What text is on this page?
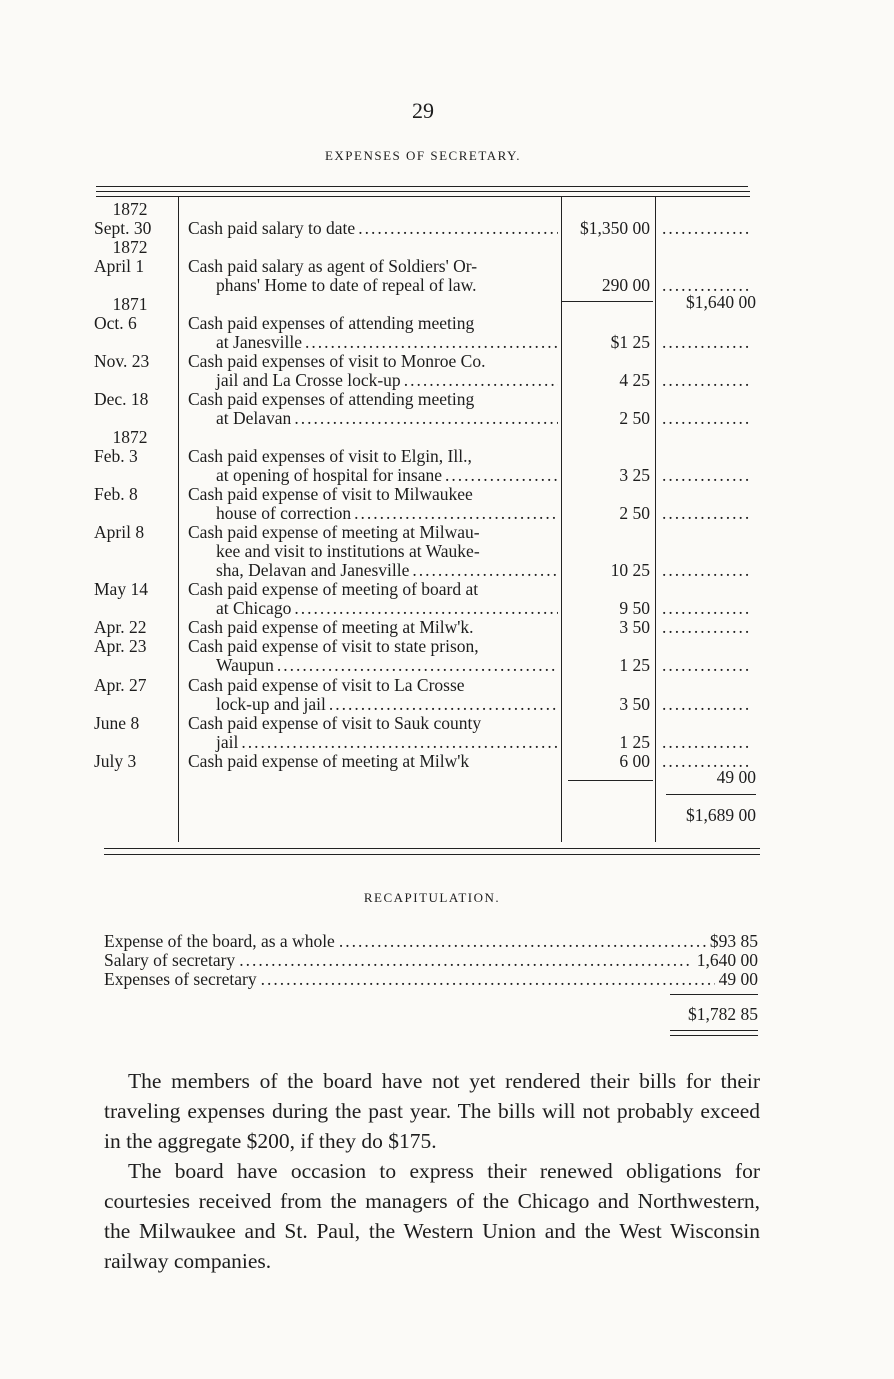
29
EXPENSES OF SECRETARY.
1872
Sept. 30	Cash paid salary to date .....	$1,350 00
.....
1872
April 1	Cash paid salary as agent of Soldiers' Or-
phans' Home to date of repeal of law.	290 00
.....
$1,640 00
1871
Oct. 6	Cash paid expenses of attending meeting
at Janesville .....	$1 25
.....
Nov. 23	Cash paid expenses of visit to Monroe Co.
jail and La Crosse lock-up .....	4 25
.....
Dec. 18	Cash paid expenses of attending meeting
at Delavan .....	2 50
.....
1872
Feb. 3	Cash paid expenses of visit to Elgin, Ill.,
at opening of hospital for insane .....	3 25
.....
Feb. 8	Cash paid expense of visit to Milwaukee
house of correction .....	2 50
.....
April 8	Cash paid expense of meeting at Milwau-
kee and visit to institutions at Wauke-
sha, Delavan and Janesville .....	10 25
.....
May 14	Cash paid expense of meeting of board at
at Chicago .....	9 50
.....
Apr. 22	Cash paid expense of meeting at Milw'k.	3 50
.....
Apr. 23	Cash paid expense of visit to state prison,
Waupun .....	1 25
.....
Apr. 27	Cash paid expense of visit to La Crosse
lock-up and jail .....	3 50
.....
June 8	Cash paid expense of visit to Sauk county
jail .....	1 25
.....
July 3	Cash paid expense of meeting at Milw'k	6 00
.....
49 00
$1,689 00
RECAPITULATION.
Expense of the board, as a whole .....	$93 85
Salary of secretary .....	1,640 00
Expenses of secretary .....	49 00
$1,782 85
The members of the board have not yet rendered their bills for their traveling expenses during the past year. The bills will not probably exceed in the aggregate $200, if they do $175.
The board have occasion to express their renewed obligations for courtesies received from the managers of the Chicago and Northwestern, the Milwaukee and St. Paul, the Western Union and the West Wisconsin railway companies.
